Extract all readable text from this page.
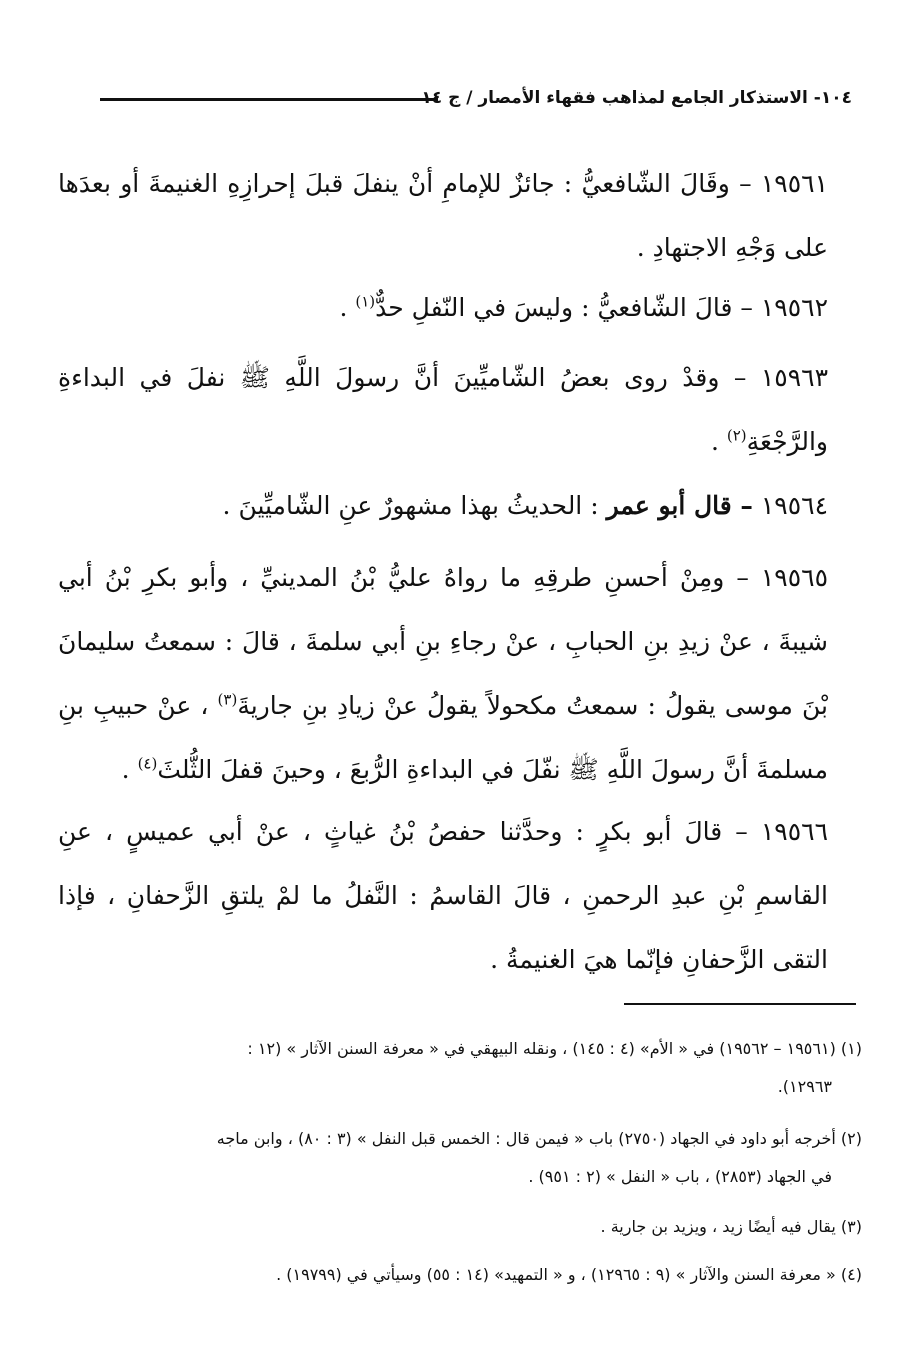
١٠٤- الاستذكار الجامع لمذاهب فقهاء الأمصار / ج ١٤
١٩٥٦١ – وقَالَ الشّافعيُّ : جائزٌ للإمامِ أنْ ينفلَ قبلَ إحرازِهِ الغنيمةَ أو بعدَها على وَجْهِ الاجتهادِ .
١٩٥٦٢ – قالَ الشّافعيُّ : وليسَ في النّفلِ حدٌّ$^{(١)}$ .
١٥٩٦٣ – وقدْ روى بعضُ الشّاميِّينَ أنَّ رسولَ اللَّهِ ﷺ نفلَ في البداءةِ والرَّجْعَةِ$^{(٢)}$ .
١٩٥٦٤ – قال أبو عمر : الحديثُ بهذا مشهورٌ عنِ الشّاميِّينَ .
١٩٥٦٥ – ومِنْ أحسنِ طرقِهِ ما رواهُ عليُّ بْنُ المدينيِّ ، وأبو بكرِ بْنُ أبي شيبةَ ، عنْ زيدِ بنِ الحبابِ ، عنْ رجاءِ بنِ أبي سلمةَ ، قالَ : سمعتُ سليمانَ بْنَ موسى يقولُ : سمعتُ مكحولاً يقولُ عنْ زيادِ بنِ جاريةَ$^{(٣)}$ ، عنْ حبيبِ بنِ مسلمةَ أنَّ رسولَ اللَّهِ ﷺ نفّلَ في البداءةِ الرُّبعَ ، وحينَ قفلَ الثُّلثَ$^{(٤)}$ .
١٩٥٦٦ – قالَ أبو بكرٍ : وحدَّثنا حفصُ بْنُ غياثٍ ، عنْ أبي عميسٍ ، عنِ القاسمِ بْنِ عبدِ الرحمنِ ، قالَ القاسمُ : النَّفلُ ما لمْ يلتقِ الزَّحفانِ ، فإذا التقى الزَّحفانِ فإنّما هيَ الغنيمةُ .
(١) (١٩٥٦١ – ١٩٥٦٢) في « الأم» (٤ : ١٤٥) ، ونقله البيهقي في « معرفة السنن الآثار » (١٢ :
١٢٩٦٣).
(٢) أخرجه أبو داود في الجهاد (٢٧٥٠) باب « فيمن قال : الخمس قبل النفل » (٣ : ٨٠) ، وابن ماجه
في الجهاد (٢٨٥٣) ، باب « النفل » (٢ : ٩٥١) .
(٣) يقال فيه أيضًا زيد ، ويزيد بن جارية .
(٤) « معرفة السنن والآثار » (٩ : ١٢٩٦٥) ، و « التمهيد» (١٤ : ٥٥) وسيأتي في (١٩٧٩٩) .
